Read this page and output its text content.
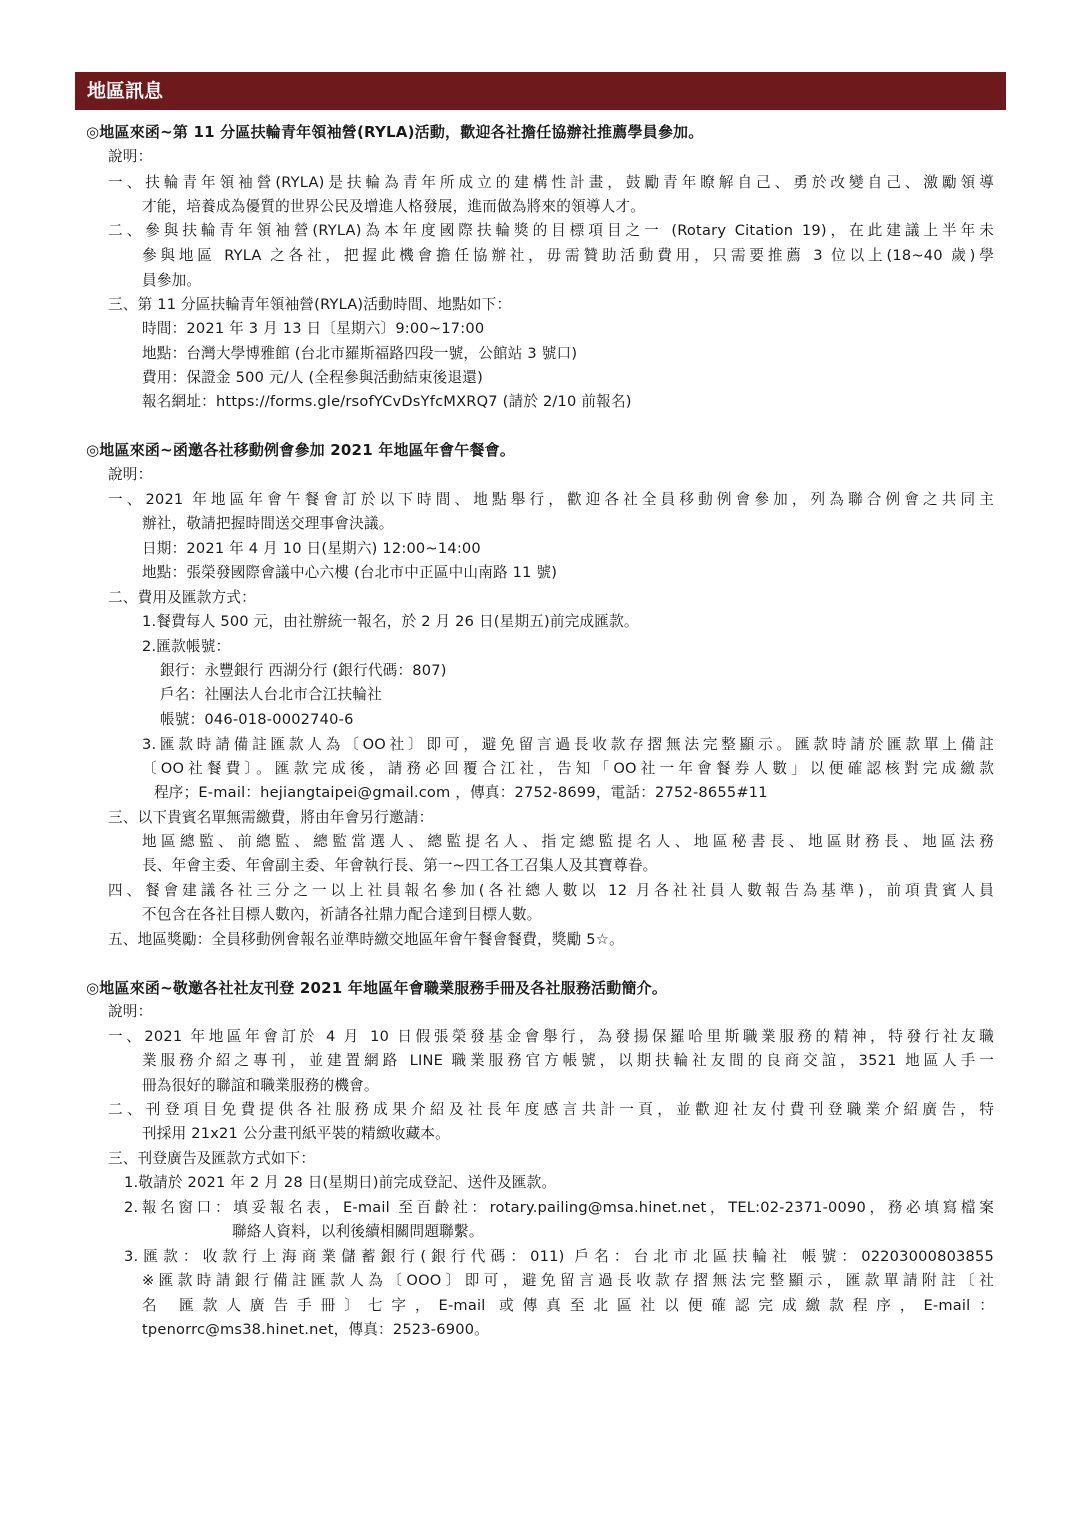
地區訊息
◎地區來函~第 11 分區扶輪青年領袖營(RYLA)活動，歡迎各社擔任協辦社推薦學員參加。
說明：
一、扶輪青年領袖營(RYLA)是扶輪為青年所成立的建構性計畫，鼓勵青年瞭解自己、勇於改變自己、激勵領導
才能，培養成為優質的世界公民及增進人格發展，進而做為將來的領導人才。
二、參與扶輪青年領袖營(RYLA)為本年度國際扶輪獎的目標項目之一 (Rotary Citation 19)，在此建議上半年未
參與地區 RYLA 之各社，把握此機會擔任協辦社，毋需贊助活動費用，只需要推薦 3 位以上(18~40 歲)學
員參加。
三、第 11 分區扶輪青年領袖營(RYLA)活動時間、地點如下：
時間：2021 年 3 月 13 日〔星期六〕9:00~17:00
地點：台灣大學博雅館 (台北市羅斯福路四段一號，公館站 3 號口)
費用：保證金 500 元/人 (全程參與活動結束後退還)
報名網址：https://forms.gle/rsofYCvDsYfcMXRQ7 (請於 2/10 前報名)
◎地區來函~函邀各社移動例會參加 2021 年地區年會午餐會。
說明：
一、2021 年地區年會午餐會訂於以下時間、地點舉行，歡迎各社全員移動例會參加，列為聯合例會之共同主
辦社，敬請把握時間送交理事會決議。
日期：2021 年 4 月 10 日(星期六) 12:00~14:00
地點：張榮發國際會議中心六樓 (台北市中正區中山南路 11 號)
二、費用及匯款方式：
1.餐費每人 500 元，由社辦統一報名，於 2 月 26 日(星期五)前完成匯款。
2.匯款帳號：
銀行：永豐銀行 西湖分行 (銀行代碼：807)
戶名：社團法人台北市合江扶輪社
帳號：046-018-0002740-6
3.匯款時請備註匯款人為〔OO社〕即可，避免留言過長收款存摺無法完整顯示。匯款時請於匯款單上備註
〔OO社餐費〕。匯款完成後，請務必回覆合江社，告知「OO社一年會餐券人數」以便確認核對完成繳款
程序；E-mail：hejiangtaipei@gmail.com ，傳真：2752-8699，電話：2752-8655#11
三、以下貴賓名單無需繳費，將由年會另行邀請：
地區總監、前總監、總監當選人、總監提名人、指定總監提名人、地區秘書長、地區財務長、地區法務
長、年會主委、年會副主委、年會執行長、第一~四工各工召集人及其寶尊眷。
四、餐會建議各社三分之一以上社員報名參加(各社總人數以 12 月各社社員人數報告為基準)，前項貴賓人員
不包含在各社目標人數內，祈請各社鼎力配合達到目標人數。
五、地區獎勵：全員移動例會報名並準時繳交地區年會午餐會餐費，獎勵 5☆。
◎地區來函~敬邀各社社友刊登 2021 年地區年會職業服務手冊及各社服務活動簡介。
說明：
一、2021 年地區年會訂於 4 月 10 日假張榮發基金會舉行，為發揚保羅哈里斯職業服務的精神，特發行社友職
業服務介紹之專刊，並建置網路 LINE 職業服務官方帳號，以期扶輪社友間的良商交誼，3521 地區人手一
冊為很好的聯誼和職業服務的機會。
二、刊登項目免費提供各社服務成果介紹及社長年度感言共計一頁，並歡迎社友付費刊登職業介紹廣告，特
刊採用 21x21 公分畫刊紙平裝的精緻收藏本。
三、刊登廣告及匯款方式如下：
1.敬請於 2021 年 2 月 28 日(星期日)前完成登記、送件及匯款。
2.報名窗口：填妥報名表，E-mail 至百齡社：rotary.pailing@msa.hinet.net，TEL:02-2371-0090，務必填寫檔案
聯絡人資料，以利後續相關問題聯繫。
3.匯款：收款行上海商業儲蓄銀行(銀行代碼：011) 戶名：台北市北區扶輪社 帳號：02203000803855
※匯款時請銀行備註匯款人為〔OOO〕即可，避免留言過長收款存摺無法完整顯示，匯款單請附註〔社
名 匯款人廣告手冊〕七字，E-mail 或傳真至北區社以便確認完成繳款程序，E-mail：
tpenorrc@ms38.hinet.net，傳真：2523-6900。
